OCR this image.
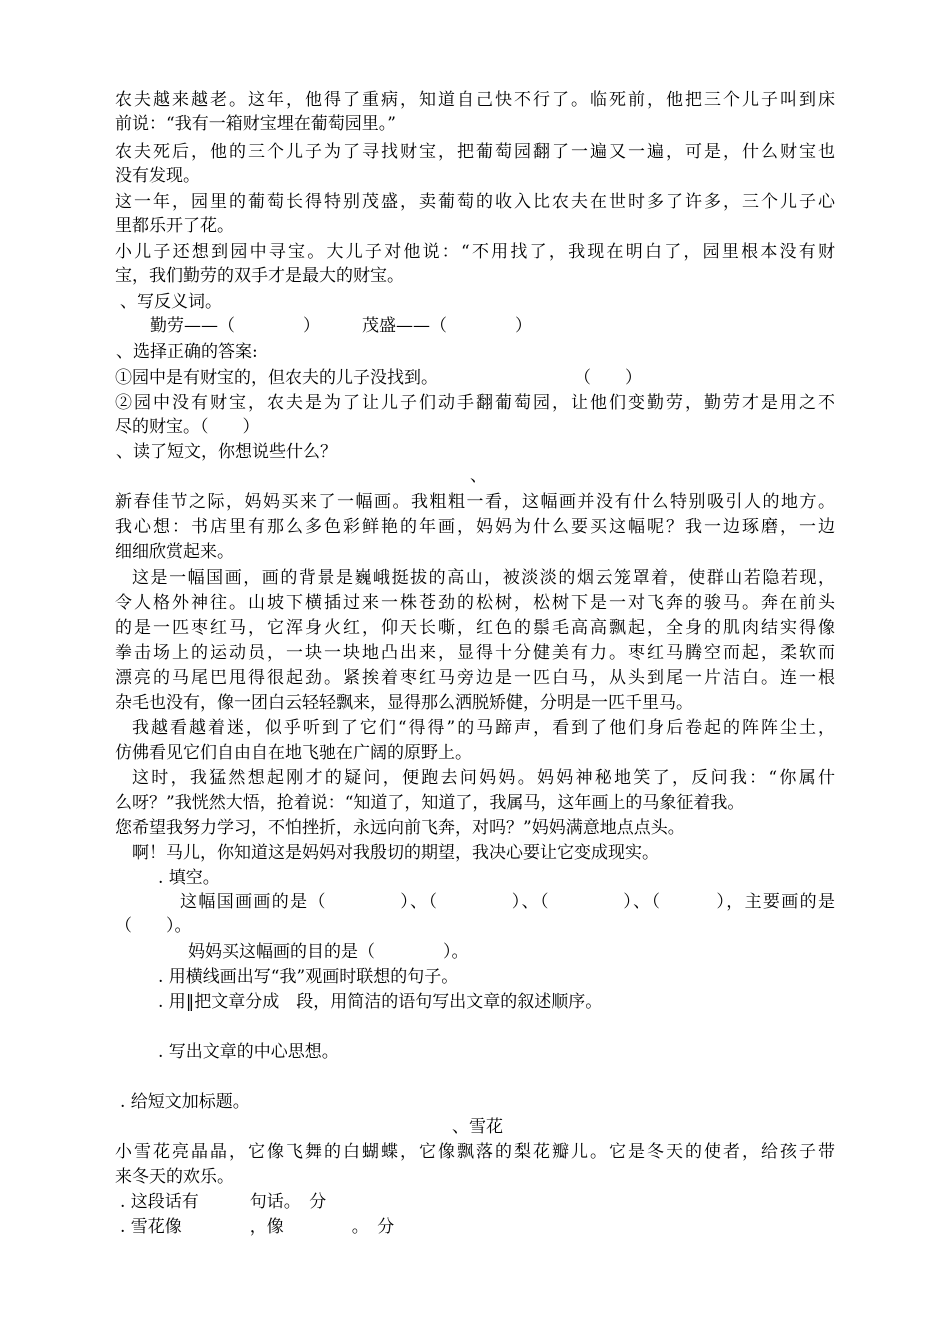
农夫越来越老。这年，他得了重病，知道自己快不行了。临死前，他把三个儿子叫到床
前说：“我有一箱财宝埋在葡萄园里。”
农夫死后，他的三个儿子为了寻找财宝，把葡萄园翻了一遍又一遍，可是，什么财宝也
没有发现。
这一年，园里的葡萄长得特别茂盛，卖葡萄的收入比农夫在世时多了许多，三个儿子心
里都乐开了花。
小儿子还想到园中寻宝。大儿子对他说：“不用找了，我现在明白了，园里根本没有财
宝，我们勤劳的双手才是最大的财宝。
、写反义词。
勤劳——（　　　　） 茂盛——（　　　　）
、选择正确的答案:
①园中是有财宝的，但农夫的儿子没找到。	（　　）
②园中没有财宝，农夫是为了让儿子们动手翻葡萄园，让他们变勤劳，勤劳才是用之不
尽的财宝。（　　）
、读了短文，你想说些什么？
、
新春佳节之际，妈妈买来了一幅画。我粗粗一看，这幅画并没有什么特别吸引人的地方。
我心想：书店里有那么多色彩鲜艳的年画，妈妈为什么要买这幅呢？我一边琢磨，一边
细细欣赏起来。
这是一幅国画，画的背景是巍峨挺拔的高山，被淡淡的烟云笼罩着，使群山若隐若现，
令人格外神往。山坡下横插过来一株苍劲的松树，松树下是一对飞奔的骏马。奔在前头
的是一匹枣红马，它浑身火红，仰天长嘶，红色的鬃毛高高飘起，全身的肌肉结实得像
拳击场上的运动员，一块一块地凸出来，显得十分健美有力。枣红马腾空而起，柔软而
漂亮的马尾巴甩得很起劲。紧挨着枣红马旁边是一匹白马，从头到尾一片洁白。连一根
杂毛也没有，像一团白云轻轻飘来，显得那么洒脱矫健，分明是一匹千里马。
我越看越着迷，似乎听到了它们“得得”的马蹄声，看到了他们身后卷起的阵阵尘土，
仿佛看见它们自由自在地飞驰在广阔的原野上。
这时，我猛然想起刚才的疑问，便跑去问妈妈。妈妈神秘地笑了，反问我：“你属什
么呀？”我恍然大悟，抢着说：“知道了，知道了，我属马，这年画上的马象征着我。
您希望我努力学习，不怕挫折，永远向前飞奔，对吗？”妈妈满意地点点头。
啊！马儿，你知道这是妈妈对我殷切的期望，我决心要让它变成现实。
. 填空。
这幅国画画的是（　　　　）、（　　　　）、（　　　　）、（　　　），主要画的是
（　　）。
妈妈买这幅画的目的是（　　　　）。
. 用横线画出写“我”观画时联想的句子。
. 用‖把文章分成　段，用简洁的语句写出文章的叙述顺序。
. 写出文章的中心思想。
. 给短文加标题。
、雪花
小雪花亮晶晶，它像飞舞的白蝴蝶，它像飘落的梨花瓣儿。它是冬天的使者，给孩子带
来冬天的欢乐。
. 这段话有　　　句话。　分
. 雪花像　　　　，像　　　　。　分
